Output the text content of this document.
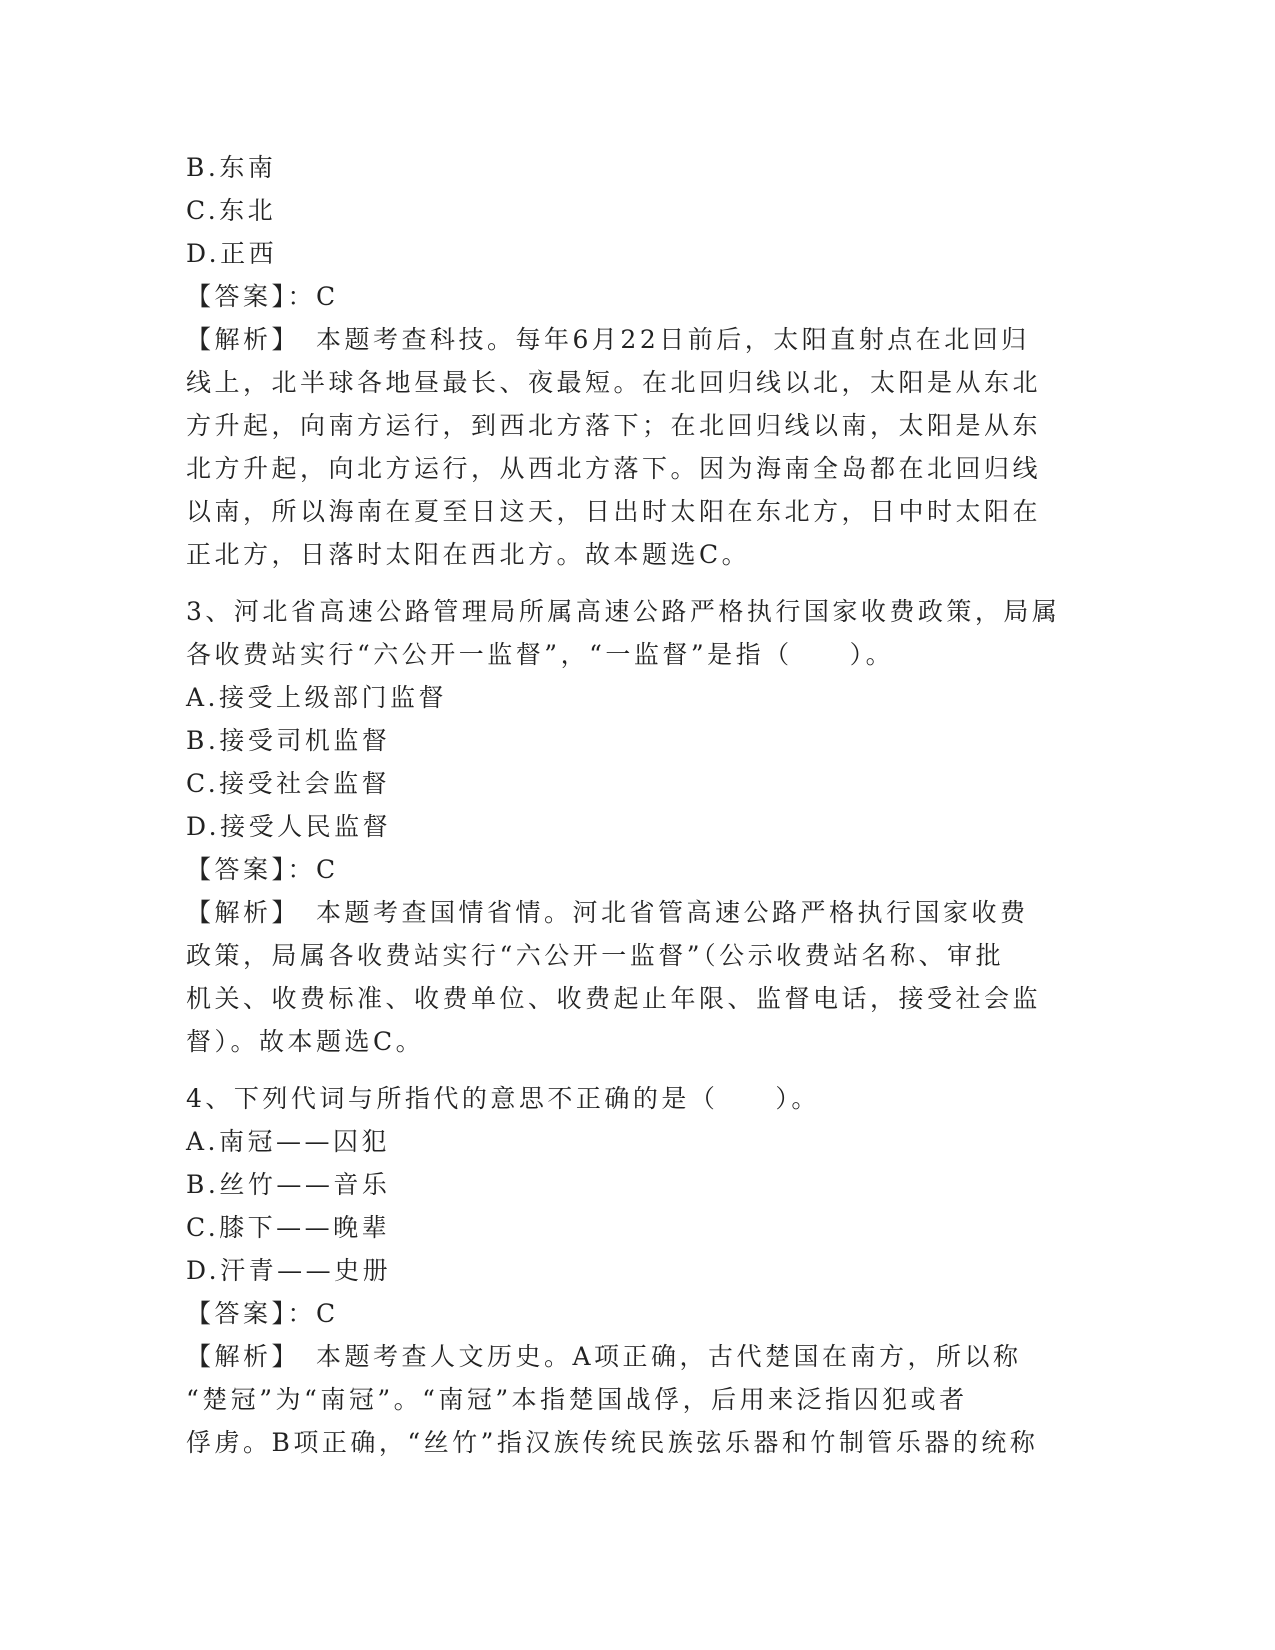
B.东南
C.东北
D.正西
【答案】：C
【解析】　本题考查科技。每年6月22日前后，太阳直射点在北回归
线上，北半球各地昼最长、夜最短。在北回归线以北，太阳是从东北
方升起，向南方运行，到西北方落下；在北回归线以南，太阳是从东
北方升起，向北方运行，从西北方落下。因为海南全岛都在北回归线
以南，所以海南在夏至日这天，日出时太阳在东北方，日中时太阳在
正北方，日落时太阳在西北方。故本题选C。
3、河北省高速公路管理局所属高速公路严格执行国家收费政策，局属
各收费站实行“六公开一监督”，“一监督”是指（　　）。
A.接受上级部门监督
B.接受司机监督
C.接受社会监督
D.接受人民监督
【答案】：C
【解析】　本题考查国情省情。河北省管高速公路严格执行国家收费
政策，局属各收费站实行“六公开一监督”（公示收费站名称、审批
机关、收费标准、收费单位、收费起止年限、监督电话，接受社会监
督）。故本题选C。
4、下列代词与所指代的意思不正确的是（　　）。
A.南冠——囚犯
B.丝竹——音乐
C.膝下——晚辈
D.汗青——史册
【答案】：C
【解析】　本题考查人文历史。A项正确，古代楚国在南方，所以称
“楚冠”为“南冠”。“南冠”本指楚国战俘，后用来泛指囚犯或者
俘虏。B项正确，“丝竹”指汉族传统民族弦乐器和竹制管乐器的统称
